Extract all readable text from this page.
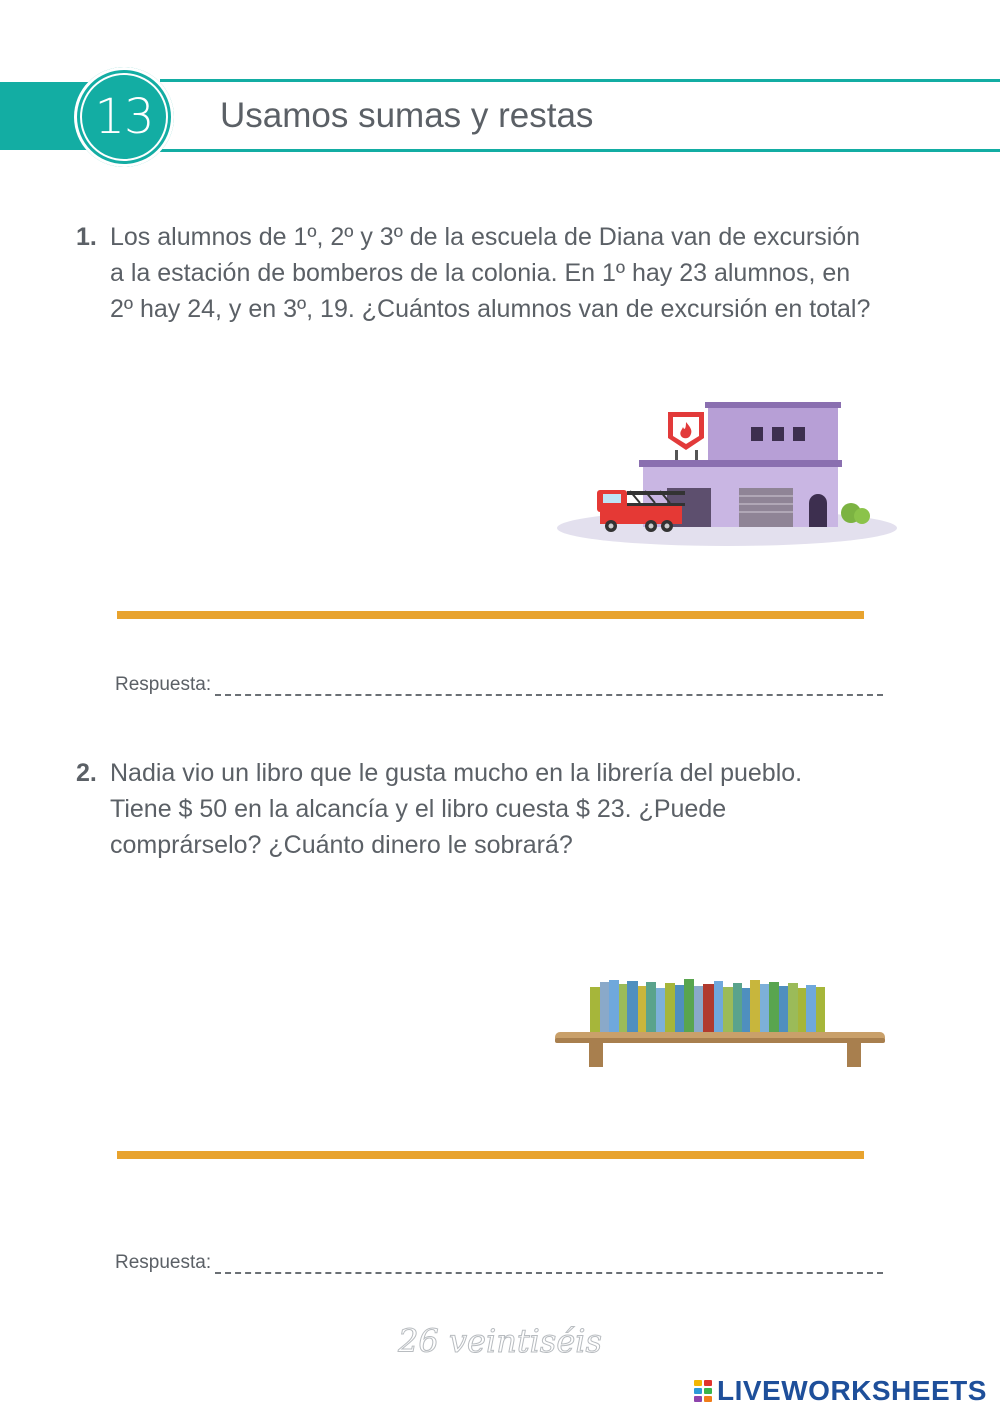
13	Usamos sumas y restas
1. Los alumnos de 1º, 2º y 3º de la escuela de Diana van de excursión
a la estación de bomberos de la colonia. En 1º hay 23 alumnos, en
2º hay 24, y en 3º, 19. ¿Cuántos alumnos van de excursión en total?
Respuesta:
2. Nadia vio un libro que le gusta mucho en la librería del pueblo.
Tiene $ 50 en la alcancía y el libro cuesta $ 23. ¿Puede
comprárselo? ¿Cuánto dinero le sobrará?
Respuesta:
26 veintiséis
LIVEWORKSHEETS
